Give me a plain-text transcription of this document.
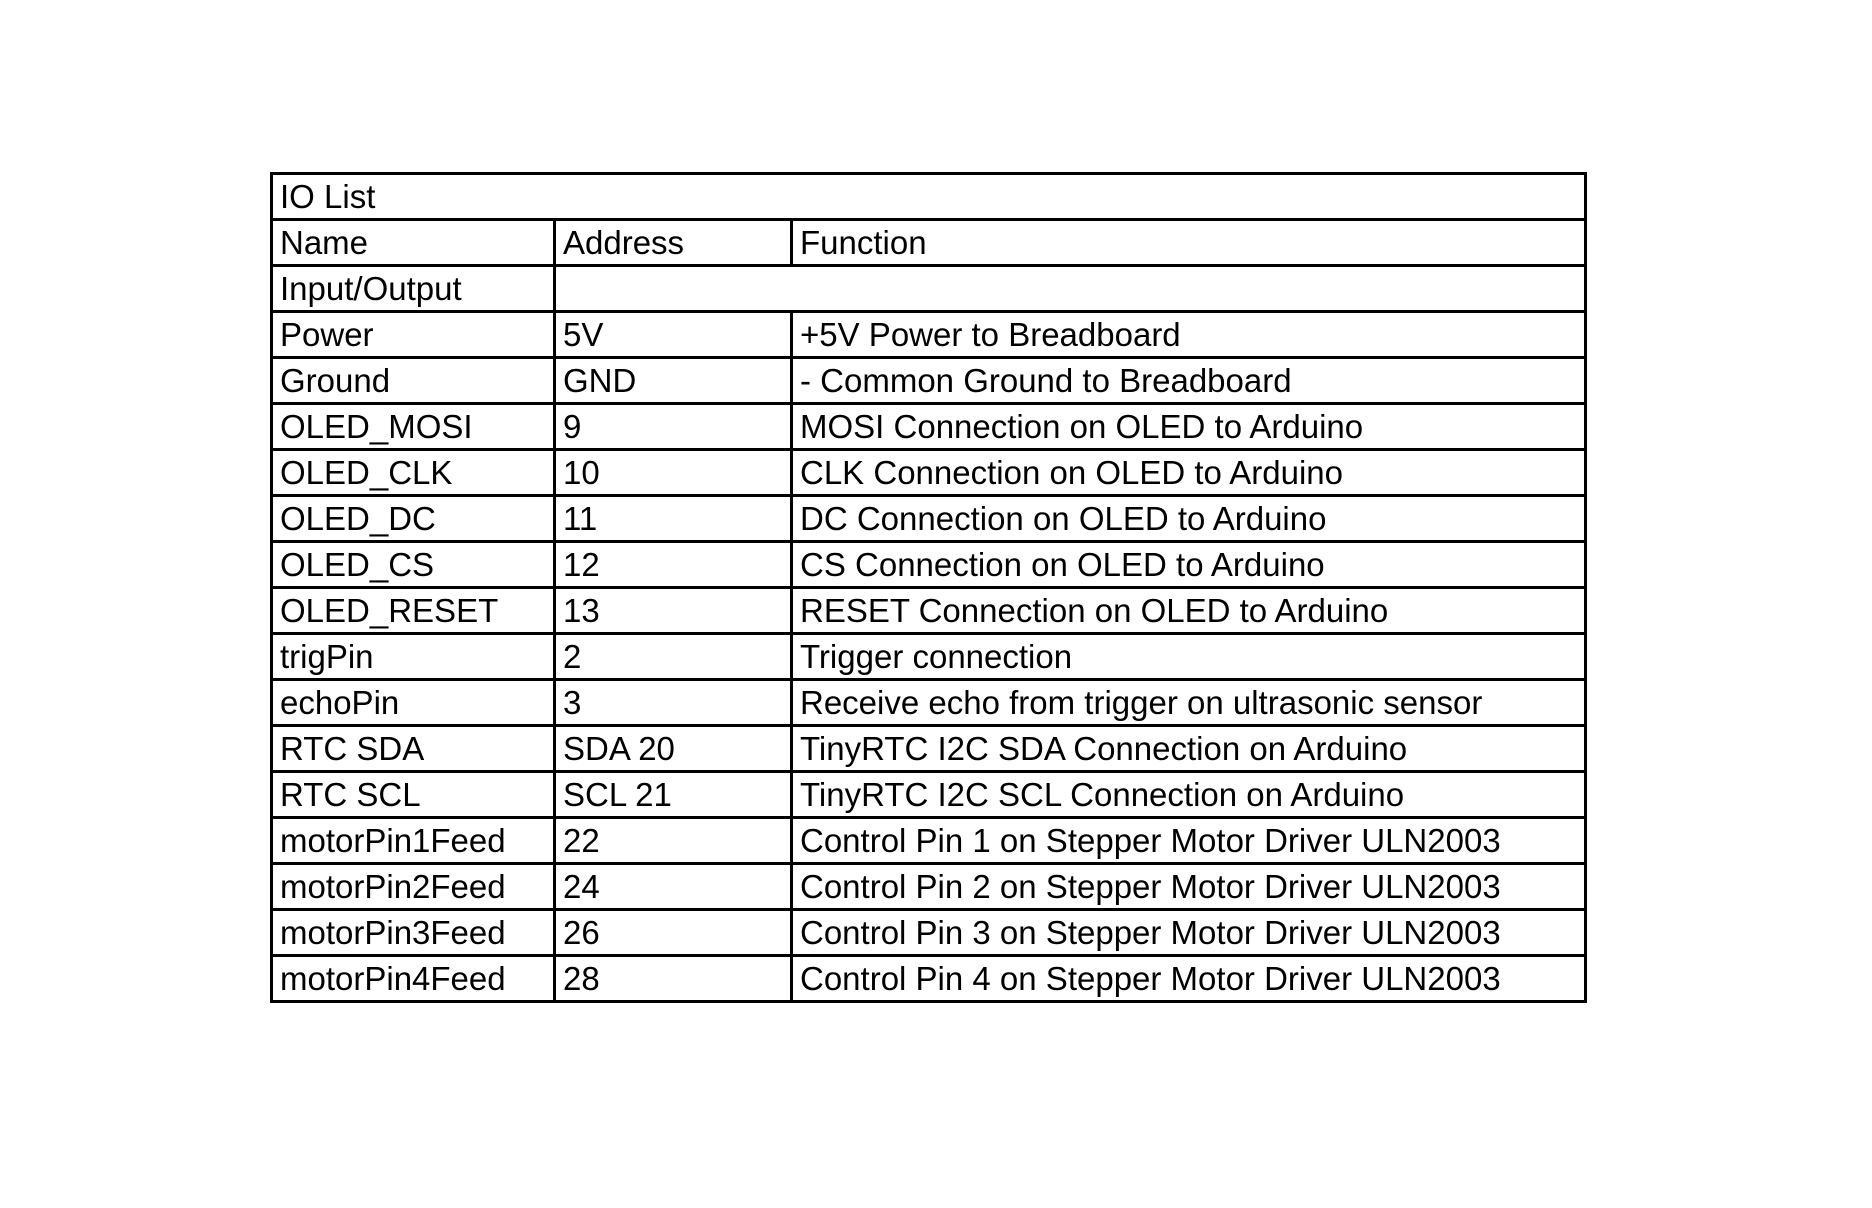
IO List		
Name	Address	Function
Input/Output		
Power	5V	+5V Power to Breadboard
Ground	GND	- Common Ground to Breadboard
OLED_MOSI	9	MOSI Connection on OLED to Arduino
OLED_CLK	10	CLK Connection on OLED to Arduino
OLED_DC	11	DC Connection on OLED to Arduino
OLED_CS	12	CS Connection on OLED to Arduino
OLED_RESET	13	RESET Connection on OLED to Arduino
trigPin	2	Trigger connection
echoPin	3	Receive echo from trigger on ultrasonic sensor
RTC SDA	SDA 20	TinyRTC I2C SDA Connection on Arduino
RTC SCL	SCL 21	TinyRTC I2C SCL Connection on Arduino
motorPin1Feed	22	Control Pin 1 on Stepper Motor Driver ULN2003
motorPin2Feed	24	Control Pin 2 on Stepper Motor Driver ULN2003
motorPin3Feed	26	Control Pin 3 on Stepper Motor Driver ULN2003
motorPin4Feed	28	Control Pin 4 on Stepper Motor Driver ULN2003
